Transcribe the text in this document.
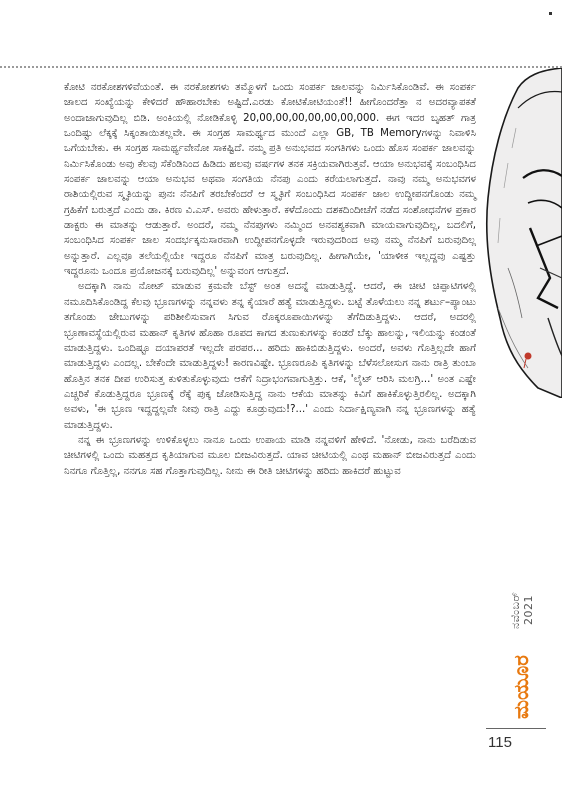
ಕೋಟಿ ನರಕೋಶಗಳಿವೆಯಂತೆ. ಈ ನರಕೋಶಗಳು ತಮ್ಮೊಳಗೆ ಒಂದು ಸಂಪರ್ಕ ಜಾಲವನ್ನು ನಿರ್ಮಿಸಿಕೊಂಡಿವೆ. ಈ ಸಂಪರ್ಕ ಜಾಲದ ಸಂಖ್ಯೆಯನ್ನು ಕೇಳಿದರೆ ಹೌಹಾರಬೇಕು ಅಷ್ಟಿದೆ.ಎರಡು ಕೋಟಿಕೋಟಿಯಂತೆ!! ಹೀಗೊಂದರೆತ್ತಾ ನ ಅದರವ್ಯಾಪಕತೆ ಅಂದಾಜಾಗುವುದಿಲ್ಲ ಬಿಡಿ. ಅಂಕಿಯಲ್ಲಿ ನೋಡಿಕೊಳ್ಳಿ 20,00,00,00,00,00,00,000. ಈಗ ಇದರ ಬೃಹತ್ ಗಾತ್ರ ಒಂದಿಷ್ಟು ಲೆಕ್ಕಕ್ಕೆ ಸಿಕ್ಕಂತಾಯಿತಲ್ಲವೇ. ಈ ಸಂಗ್ರಹ ಸಾಮರ್ಥ್ಯದ ಮುಂದೆ ಎಲ್ಲಾ GB, TB Memoryಗಳನ್ನು ನಿವಾಳಿಸಿ ಒಗೆಯಬೇಕು. ಈ ಸಂಗ್ರಹ ಸಾಮರ್ಥ್ಯವೇನೋ ಸಾಕಷ್ಟಿದೆ. ನಮ್ಮ ಪ್ರತಿ ಅನುಭವದ ಸಂಗತಿಗಳು ಒಂದು ಹೊಸ ಸಂಪರ್ಕ ಜಾಲವನ್ನು ನಿರ್ಮಿಸಿಕೊಂಡು ಅವು ಕೆಲವು ಸೆಕೆಂಡಿನಿಂದ ಹಿಡಿದು ಹಲವು ವರ್ಷಗಳ ತನಕ ಸಕ್ರಿಯವಾಗಿರುತ್ತವೆ. ಆಯಾ ಅನುಭವಕ್ಕೆ ಸಂಬಂಧಿಸಿದ ಸಂಪರ್ಕ ಜಾಲವನ್ನು ಆಯಾ ಅನುಭವ ಅಥವಾ ಸಂಗತಿಯ ನೆನಪು ಎಂದು ಕರೆಯಲಾಗುತ್ತದೆ. ನಾವು ನಮ್ಮ ಅನುಭವಗಳ ರಾಶಿಯಲ್ಲಿರುವ ಸ್ಮೃತಿಯನ್ನು ಪುನಃ ನೆನಪಿಗೆ ತರಬೇಕೆಂದರೆ ಆ ಸ್ಮೃತಿಗೆ ಸಂಬಂಧಿಸಿದ ಸಂಪರ್ಕ ಜಾಲ ಉದ್ದೀಪನಗೊಂಡು ನಮ್ಮ ಗ್ರಹಿಕೆಗೆ ಬರುತ್ತದೆ ಎಂದು ಡಾ. ಕಿರಣ ವಿ.ಎಸ್. ಅವರು ಹೇಳುತ್ತಾರೆ. ಕಳೆದೊಂದು ದಶಕದಿಂದೀಚೆಗೆ ನಡೆದ ಸಂಶೋಧನೆಗಳ ಪ್ರಕಾರ ಡಾಕ್ಟರು ಈ ಮಾತನ್ನು ಆಡುತ್ತಾರೆ. ಅಂದರೆ, ನಮ್ಮ ನೆನಪುಗಳು ನಮ್ಮಿಂದ ಅನವಶ್ಯಕವಾಗಿ ಮಾಯವಾಗುವುದಿಲ್ಲ, ಬದಲಿಗೆ, ಸಂಬಂಧಿಸಿದ ಸಂಪರ್ಕ ಜಾಲ ಸಂದರ್ಭಕ್ಕನುಸಾರವಾಗಿ ಉದ್ದೀಪನಗೊಳ್ಳದೇ ಇರುವುದರಿಂದ ಅವು ನಮ್ಮ ನೆನಪಿಗೆ ಬರುವುದಿಲ್ಲ ಅನ್ನುತ್ತಾರೆ. ಎಲ್ಲವೂ ತಲೆಯಲ್ಲಿಯೇ ಇದ್ದರೂ ನೆನಪಿಗೆ ಮಾತ್ರ ಬರುವುದಿಲ್ಲ. ಹೀಗಾಗಿಯೇ, 'ಯಾಳೀಕ ಇಲ್ಲದ್ದವು ಎಷ್ಟತ್ತು ಇದ್ದರೂನು ಒಂದೂ ಪ್ರಯೋಜನಕ್ಕೆ ಬರುವುದಿಲ್ಲ' ಅನ್ನುವಂಗ ಆಗುತ್ತದೆ.

ಅದಕ್ಕಾಗಿ ನಾನು ನೋಟ್ ಮಾಡುವ ಕ್ರಮವೇ ಬೆಸ್ಟ್ ಅಂತ ಅದನ್ನೆ ಮಾಡುತ್ತಿದ್ದೆ. ಆದರೆ, ಈ ಚೀಟಿ ಚಿಪ್ಪಾಟಿಗಳಲ್ಲಿ ನಮೂದಿಸಿಕೊಂಡಿದ್ದ ಕೆಲವು ಭ್ರೂಣಗಳನ್ನು ನನ್ನವಳು ತನ್ನ ಕೈಯಾರೆ ಹತ್ಯೆ ಮಾಡುತ್ತಿದ್ದಳು. ಬಟ್ಟೆ ತೊಳೆಯಲು ನನ್ನ ಶರ್ಟು–ಪ್ಯಾಂಟು ತಗೊಂಡು ಜೇಬುಗಳನ್ನು ಪರಿಶೀಲಿಸುವಾಗ ಸಿಗುವ ರೊಕ್ಕರೂಪಾಯಿಗಳನ್ನು ತೆಗೆದಿಡುತ್ತಿದ್ದಳು. ಆದರೆ, ಅದರಲ್ಲಿ ಭ್ರೂಣಾವಸ್ಥೆಯಲ್ಲಿರುವ ಮಹಾನ್ ಕೃತಿಗಳ ಹೊಹಾ ರೂಪದ ಕಾಗದ ತುಣುಕುಗಳನ್ನು ಕಂಡರೆ ಬೆಕ್ಕು ಹಾಲನ್ನು, ಇಲಿಯನ್ನು ಕಂಡಂತೆ ಮಾಡುತ್ತಿದ್ದಳು. ಒಂದಿಷ್ಟೂ ದಯಾಪರತೆ ಇಲ್ಲದೇ ಪರಪರ... ಹರಿದು ಹಾಕಿಬಿಡುತ್ತಿದ್ದಳು. ಅಂದರೆ, ಅವಳು ಗೊತ್ತಿಲ್ಲದೇ ಹಾಗೆ ಮಾಡುತ್ತಿದ್ದಳು ಎಂದಲ್ಲ. ಬೇಕೆಂದೇ ಮಾಡುತ್ತಿದ್ದಳು! ಕಾರಣವಿಷ್ಟೇ. ಭ್ರೂಣರೂಪಿ ಕೃತಿಗಳನ್ನು ಬೆಳೆಸಲೋಸುಗ ನಾನು ರಾತ್ರಿ ತುಂಬಾ ಹೊತ್ತಿನ ತನಕ ದೀಪ ಉರಿಸುತ್ತ ಕುಳಿತುಕೊಳ್ಳುವುದು ಆಕೆಗೆ ನಿದ್ರಾಭಂಗವಾಗುತ್ತಿತ್ತು. ಆಕೆ, 'ಲೈಟ್ ಆರಿಸಿ ಮಲಗ್ರಿ...' ಅಂತ ಎಷ್ಟೇ ಎಚ್ಚರಿಕೆ ಕೊಡುತ್ತಿದ್ದರೂ ಭ್ರೂಣಕ್ಕೆ ರೆಕ್ಕೆ ಪುಕ್ಕ ಜೋಡಿಸುತ್ತಿದ್ದ ನಾನು ಆಕೆಯ ಮಾತನ್ನು ಕಿವಿಗೆ ಹಾಕಿಕೊಳ್ಳುತ್ತಿರಲಿಲ್ಲ. ಅದಕ್ಕಾಗಿ ಅವಳು, 'ಈ ಭ್ರೂಣ ಇದ್ದದ್ದಲ್ಲವೇ ನೀವು ರಾತ್ರಿ ಎದ್ದು ಕೂಡ್ರುವುದು!?...' ಎಂದು ನಿರ್ದಾಕ್ಷಿಣ್ಯವಾಗಿ ನನ್ನ ಭ್ರೂಣಗಳನ್ನು ಹತ್ಯೆ ಮಾಡುತ್ತಿದ್ದಳು.

ನನ್ನ ಈ ಭ್ರೂಣಗಳನ್ನು ಉಳಿಕೊಳ್ಳಲು ನಾನೂ ಒಂದು ಉಪಾಯ ಮಾಡಿ ನನ್ನವಳಿಗೆ ಹೇಳಿದೆ. 'ನೋಡು, ನಾನು ಬರೆದಿಡುವ ಚೀಟಿಗಳಲ್ಲಿ ಒಂದು ಮಹತ್ತದ ಕೃತಿಯಾಗುವ ಮೂಲ ಬೀಜವಿರುತ್ತದೆ. ಯಾವ ಚೀಟಿಯಲ್ಲಿ ಎಂಥ ಮಹಾನ್ ಬೀಜವಿರುತ್ತದೆ ಎಂದು ನಿನಗೂ ಗೊತ್ತಿಲ್ಲ, ನನಗೂ ಸಹ ಗೊತ್ತಾಗುವುದಿಲ್ಲ. ನೀನು ಈ ರೀತಿ ಚೀಟಿಗಳನ್ನು ಹರಿದು ಹಾಕಿದರೆ ಹುಟ್ಟುವ

ನವೆಂಬರ್ 2021
ಮಯೂರ
115
